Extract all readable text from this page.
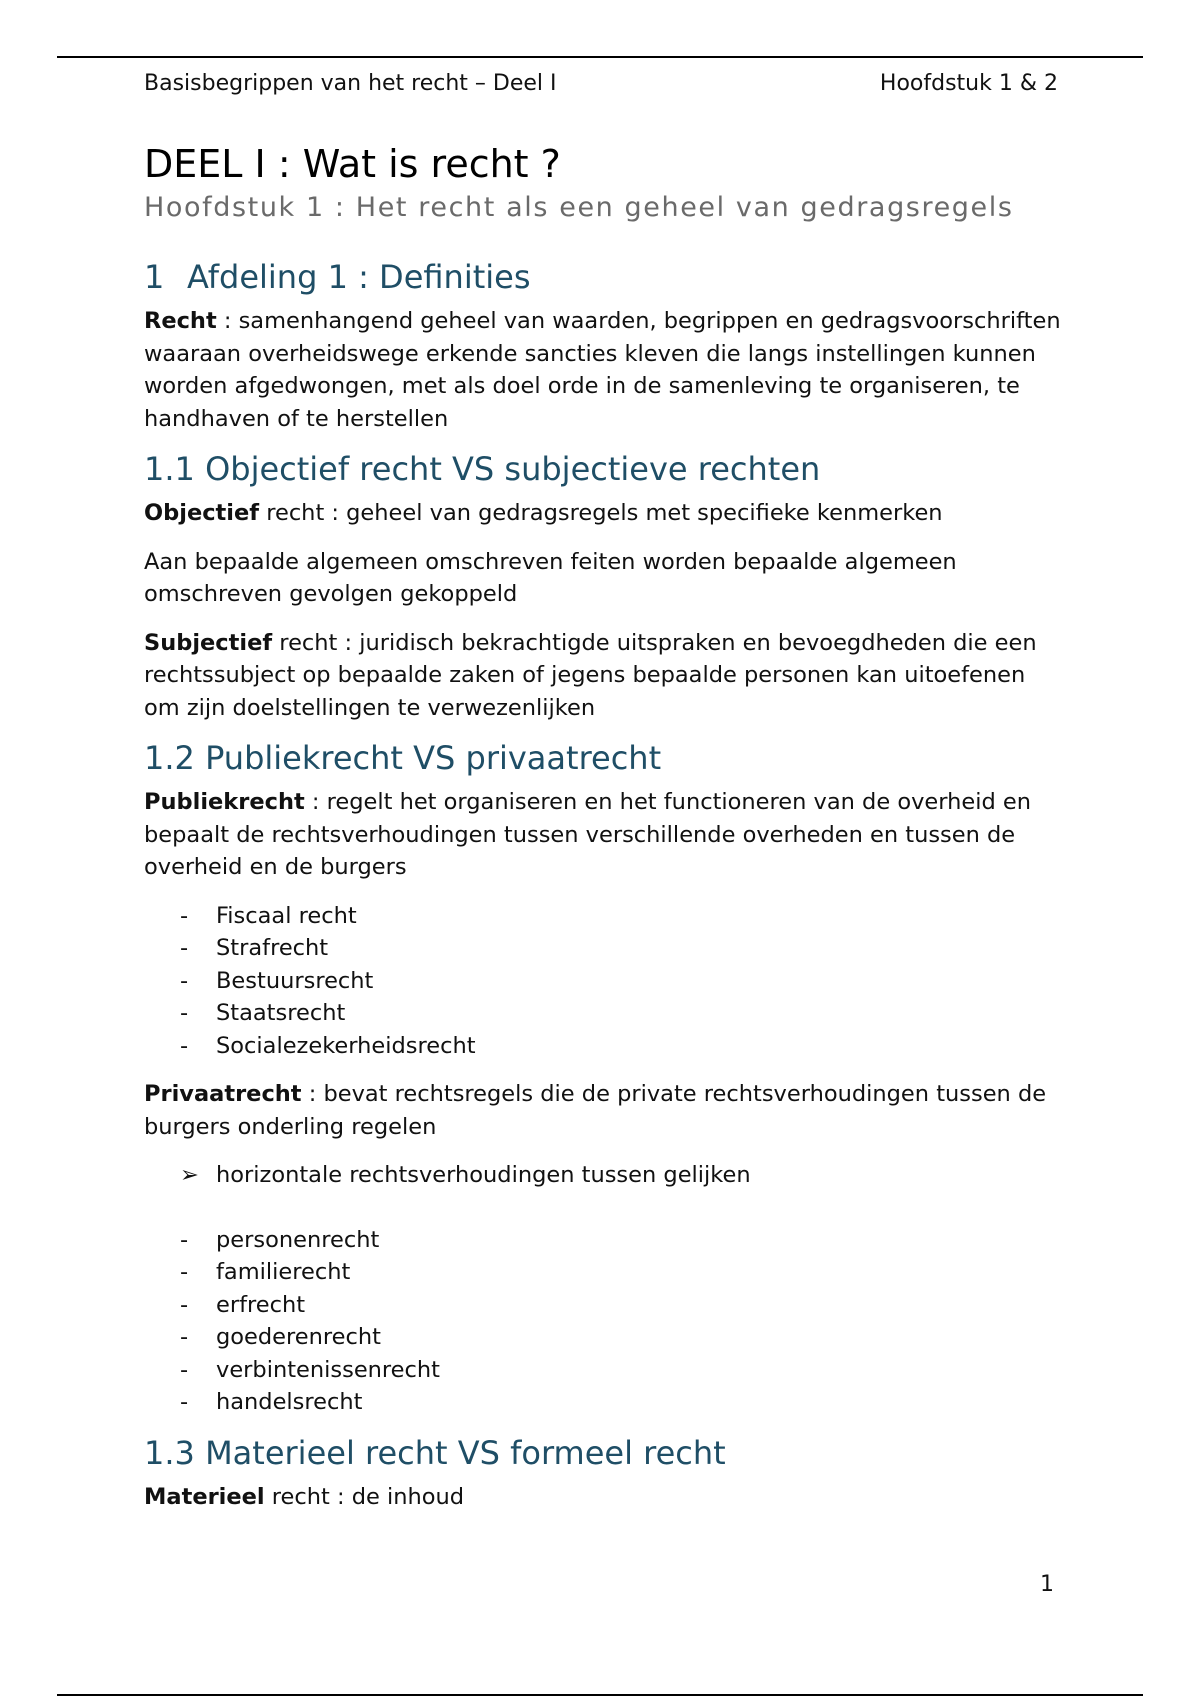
Basisbegrippen van het recht – Deel I	Hoofdstuk 1 & 2
DEEL I : Wat is recht ?
Hoofdstuk 1 : Het recht als een geheel van gedragsregels
1 Afdeling 1 : Definities

Recht : samenhangend geheel van waarden, begrippen en gedragsvoorschriften waaraan overheidswege erkende sancties kleven die langs instellingen kunnen worden afgedwongen, met als doel orde in de samenleving te organiseren, te handhaven of te herstellen

1.1 Objectief recht VS subjectieve rechten

Objectief recht : geheel van gedragsregels met specifieke kenmerken

Aan bepaalde algemeen omschreven feiten worden bepaalde algemeen omschreven gevolgen gekoppeld

Subjectief recht : juridisch bekrachtigde uitspraken en bevoegdheden die een rechtssubject op bepaalde zaken of jegens bepaalde personen kan uitoefenen om zijn doelstellingen te verwezenlijken

1.2 Publiekrecht VS privaatrecht

Publiekrecht : regelt het organiseren en het functioneren van de overheid en bepaalt de rechtsverhoudingen tussen verschillende overheden en tussen de overheid en de burgers

- Fiscaal recht
- Strafrecht
- Bestuursrecht
- Staatsrecht
- Socialezekerheidsrecht

Privaatrecht : bevat rechtsregels die de private rechtsverhoudingen tussen de burgers onderling regelen

➢ horizontale rechtsverhoudingen tussen gelijken
- personenrecht
- familierecht
- erfrecht
- goederenrecht
- verbintenissenrecht
- handelsrecht
1.3 Materieel recht VS formeel recht

Materieel recht : de inhoud

1
